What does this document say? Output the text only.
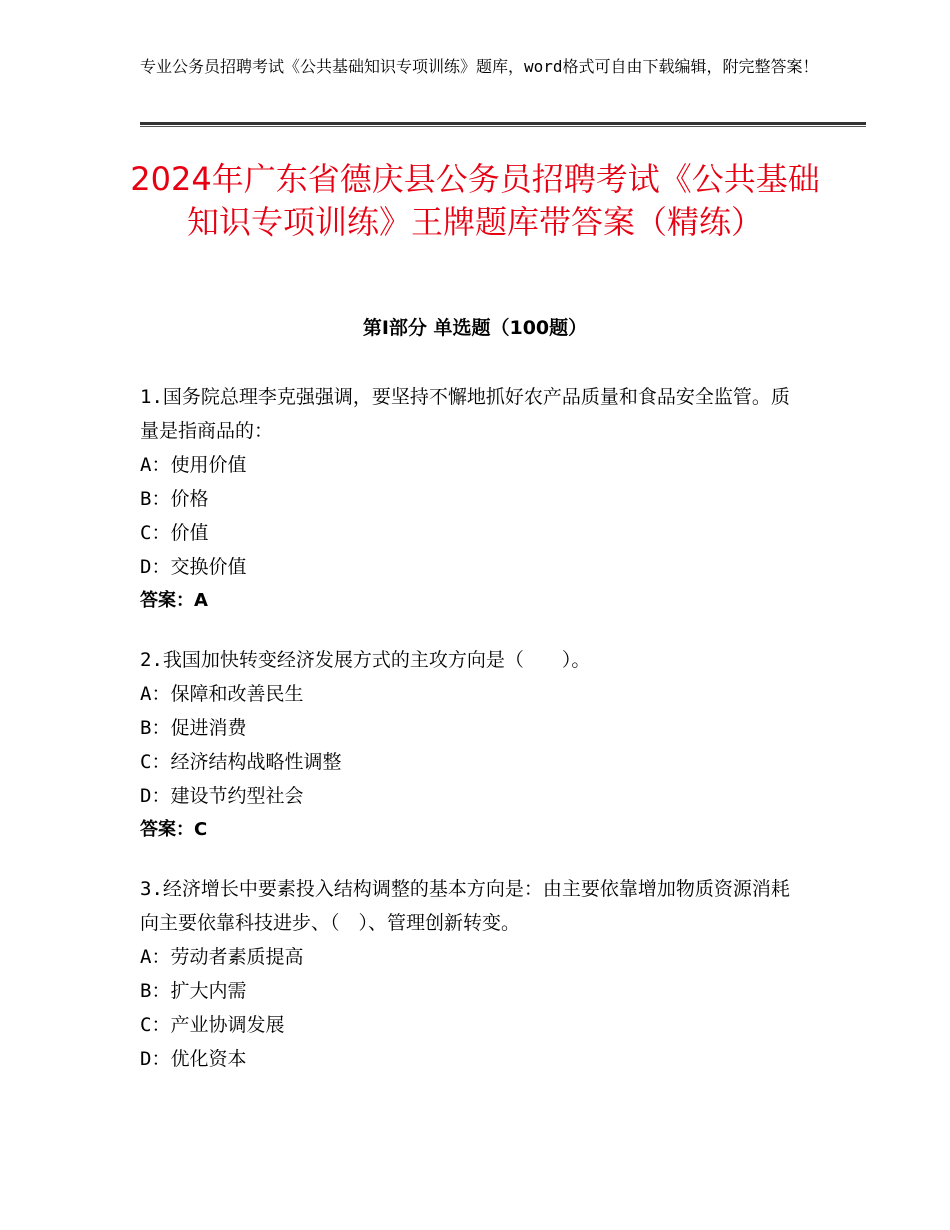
专业公务员招聘考试《公共基础知识专项训练》题库，word格式可自由下载编辑，附完整答案！
2024年广东省德庆县公务员招聘考试《公共基础知识专项训练》王牌题库带答案（精练）
第Ⅰ部分 单选题（100题）
1.国务院总理李克强强调，要坚持不懈地抓好农产品质量和食品安全监管。质量是指商品的：
A：使用价值
B：价格
C：价值
D：交换价值
答案：A
2.我国加快转变经济发展方式的主攻方向是（　　）。
A：保障和改善民生
B：促进消费
C：经济结构战略性调整
D：建设节约型社会
答案：C
3.经济增长中要素投入结构调整的基本方向是：由主要依靠增加物质资源消耗向主要依靠科技进步、（　）、管理创新转变。
A：劳动者素质提高
B：扩大内需
C：产业协调发展
D：优化资本
